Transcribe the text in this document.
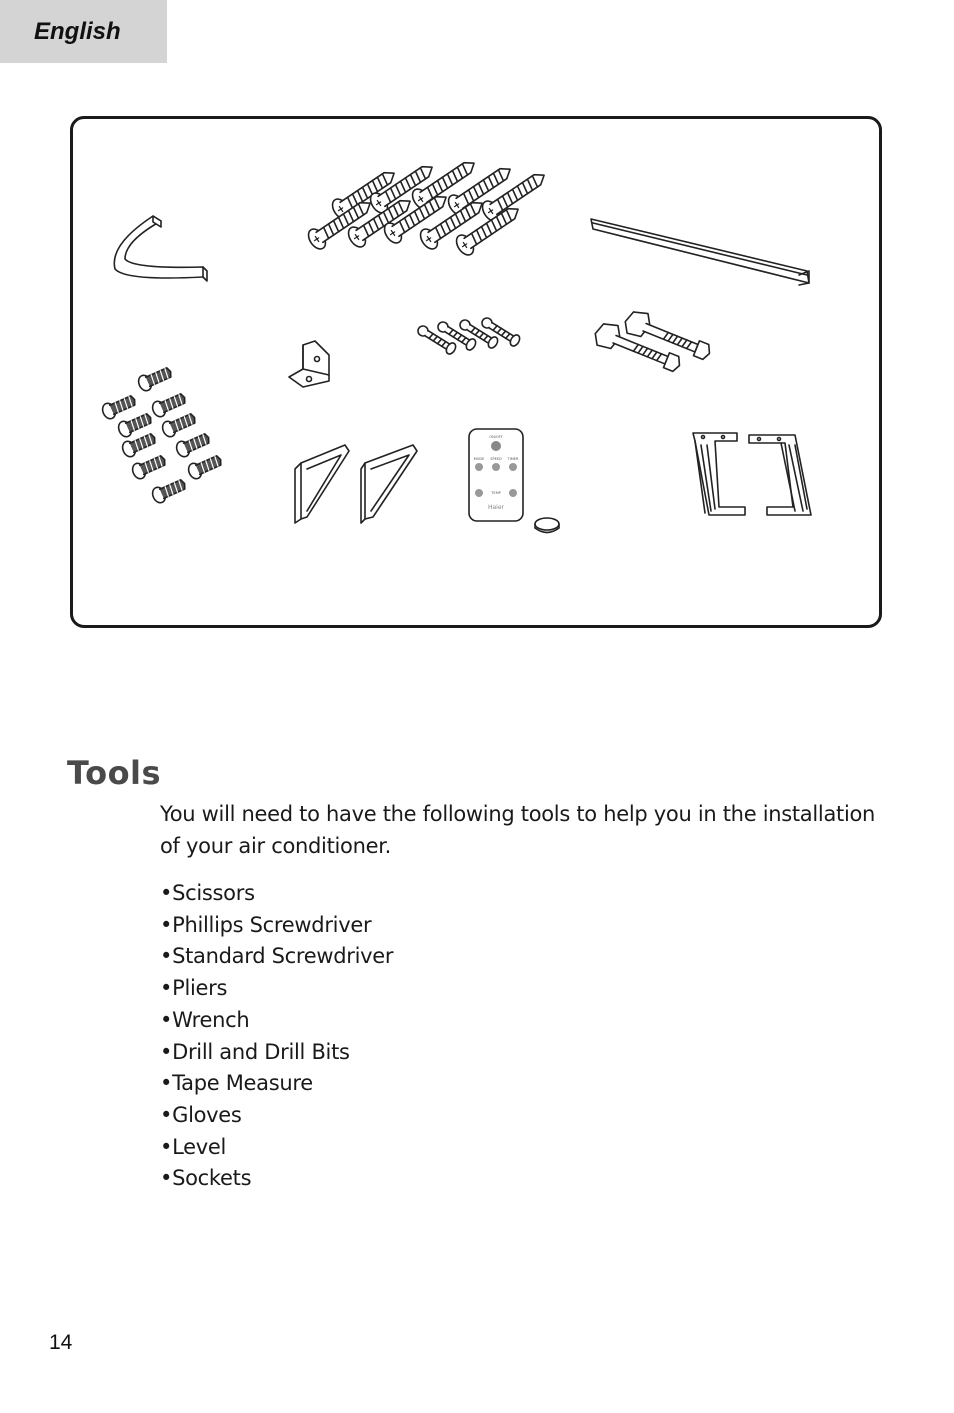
English
ON/OFF
MODE SPEED TIMER
TEMP
Haier
Tools

You will need to have the following tools to help you in the installation of your air conditioner.

• Scissors
• Phillips Screwdriver
• Standard Screwdriver
• Pliers
• Wrench
• Drill and Drill Bits
• Tape Measure
• Gloves
• Level
• Sockets
14
